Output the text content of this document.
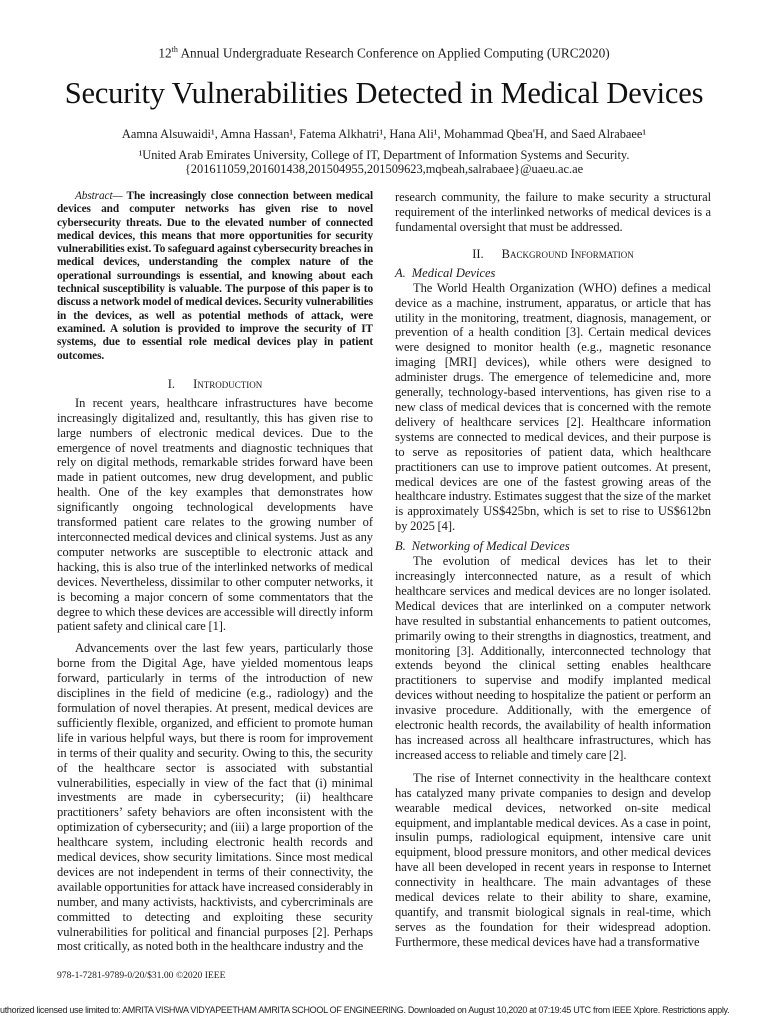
12th Annual Undergraduate Research Conference on Applied Computing (URC2020)
Security Vulnerabilities Detected in Medical Devices
Aamna Alsuwaidi¹, Amna Hassan¹, Fatema Alkhatri¹, Hana Ali¹, Mohammad Qbea'H, and Saed Alrabaee¹
¹United Arab Emirates University, College of IT, Department of Information Systems and Security.
{201611059,201601438,201504955,201509623,mqbeah,salrabaee}@uaeu.ac.ae

Abstract— The increasingly close connection between medical devices and computer networks has given rise to novel cybersecurity threats. Due to the elevated number of connected medical devices, this means that more opportunities for security vulnerabilities exist. To safeguard against cybersecurity breaches in medical devices, understanding the complex nature of the operational surroundings is essential, and knowing about each technical susceptibility is valuable. The purpose of this paper is to discuss a network model of medical devices. Security vulnerabilities in the devices, as well as potential methods of attack, were examined. A solution is provided to improve the security of IT systems, due to essential role medical devices play in patient outcomes.

I. Introduction

In recent years, healthcare infrastructures have become increasingly digitalized and, resultantly, this has given rise to large numbers of electronic medical devices. Due to the emergence of novel treatments and diagnostic techniques that rely on digital methods, remarkable strides forward have been made in patient outcomes, new drug development, and public health. One of the key examples that demonstrates how significantly ongoing technological developments have transformed patient care relates to the growing number of interconnected medical devices and clinical systems. Just as any computer networks are susceptible to electronic attack and hacking, this is also true of the interlinked networks of medical devices. Nevertheless, dissimilar to other computer networks, it is becoming a major concern of some commentators that the degree to which these devices are accessible will directly inform patient safety and clinical care [1].

Advancements over the last few years, particularly those borne from the Digital Age, have yielded momentous leaps forward, particularly in terms of the introduction of new disciplines in the field of medicine (e.g., radiology) and the formulation of novel therapies. At present, medical devices are sufficiently flexible, organized, and efficient to promote human life in various helpful ways, but there is room for improvement in terms of their quality and security. Owing to this, the security of the healthcare sector is associated with substantial vulnerabilities, especially in view of the fact that (i) minimal investments are made in cybersecurity; (ii) healthcare practitioners’ safety behaviors are often inconsistent with the optimization of cybersecurity; and (iii) a large proportion of the healthcare system, including electronic health records and medical devices, show security limitations. Since most medical devices are not independent in terms of their connectivity, the available opportunities for attack have increased considerably in number, and many activists, hacktivists, and cybercriminals are committed to detecting and exploiting these security vulnerabilities for political and financial purposes [2]. Perhaps most critically, as noted both in the healthcare industry and the

research community, the failure to make security a structural requirement of the interlinked networks of medical devices is a fundamental oversight that must be addressed.

II. Background Information
A. Medical Devices

The World Health Organization (WHO) defines a medical device as a machine, instrument, apparatus, or article that has utility in the monitoring, treatment, diagnosis, management, or prevention of a health condition [3]. Certain medical devices were designed to monitor health (e.g., magnetic resonance imaging [MRI] devices), while others were designed to administer drugs. The emergence of telemedicine and, more generally, technology-based interventions, has given rise to a new class of medical devices that is concerned with the remote delivery of healthcare services [2]. Healthcare information systems are connected to medical devices, and their purpose is to serve as repositories of patient data, which healthcare practitioners can use to improve patient outcomes. At present, medical devices are one of the fastest growing areas of the healthcare industry. Estimates suggest that the size of the market is approximately US$425bn, which is set to rise to US$612bn by 2025 [4].

B. Networking of Medical Devices

The evolution of medical devices has let to their increasingly interconnected nature, as a result of which healthcare services and medical devices are no longer isolated. Medical devices that are interlinked on a computer network have resulted in substantial enhancements to patient outcomes, primarily owing to their strengths in diagnostics, treatment, and monitoring [3]. Additionally, interconnected technology that extends beyond the clinical setting enables healthcare practitioners to supervise and modify implanted medical devices without needing to hospitalize the patient or perform an invasive procedure. Additionally, with the emergence of electronic health records, the availability of health information has increased across all healthcare infrastructures, which has increased access to reliable and timely care [2].

The rise of Internet connectivity in the healthcare context has catalyzed many private companies to design and develop wearable medical devices, networked on-site medical equipment, and implantable medical devices. As a case in point, insulin pumps, radiological equipment, intensive care unit equipment, blood pressure monitors, and other medical devices have all been developed in recent years in response to Internet connectivity in healthcare. The main advantages of these medical devices relate to their ability to share, examine, quantify, and transmit biological signals in real-time, which serves as the foundation for their widespread adoption. Furthermore, these medical devices have had a transformative

978-1-7281-9789-0/20/$31.00 ©2020 IEEE
uthorized licensed use limited to: AMRITA VISHWA VIDYAPEETHAM AMRITA SCHOOL OF ENGINEERING. Downloaded on August 10,2020 at 07:19:45 UTC from IEEE Xplore. Restrictions apply.
